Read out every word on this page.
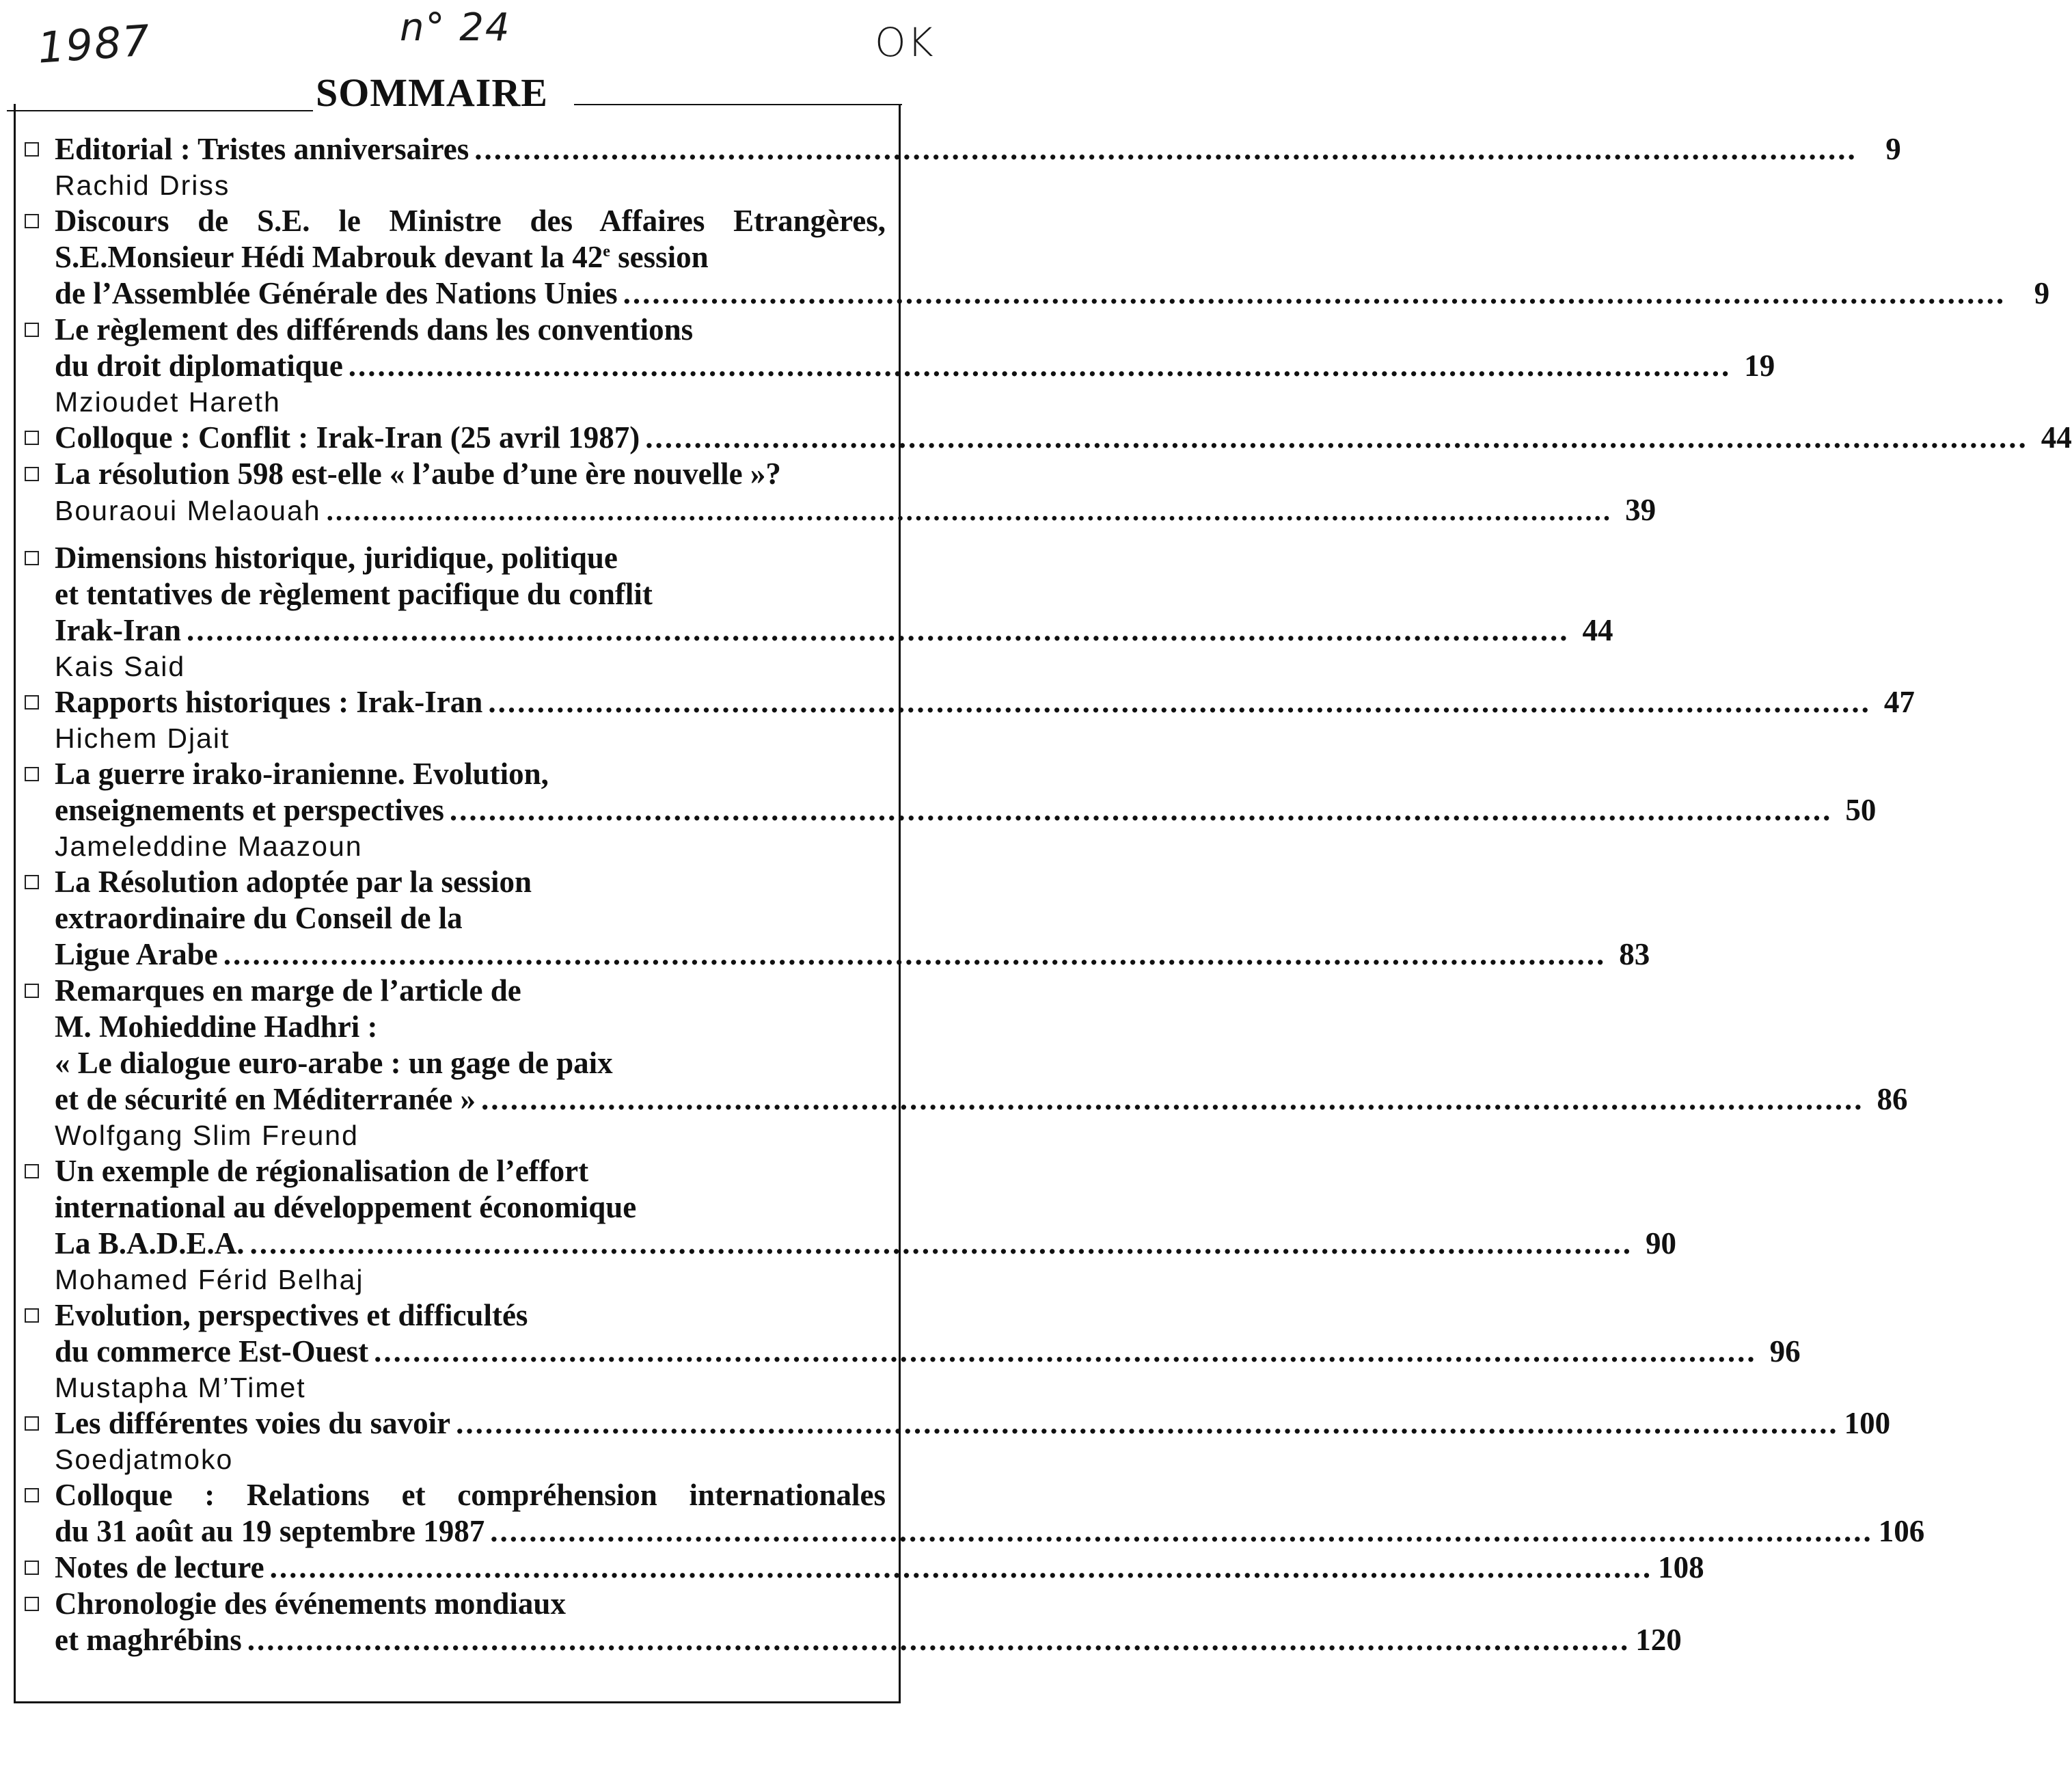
1987	n° 24	OK
SOMMAIRE
Editorial : Tristes anniversaires .............................................................................................................................................. 9
Rachid Driss
Discours de S.E. le Ministre des Affaires Etrangères,
S.E.Monsieur Hédi Mabrouk devant la 42e session
de l’Assemblée Générale des Nations Unies .............................................................................................................................................. 9
Le règlement des différends dans les conventions
du droit diplomatique .............................................................................................................................................. 19
Mzioudet Hareth
Colloque : Conflit : Irak-Iran (25 avril 1987) .............................................................................................................................................. 44
La résolution 598 est-elle « l’aube d’une ère nouvelle »?
Bouraoui Melaouah .............................................................................................................................................. 39
Dimensions historique, juridique, politique
et tentatives de règlement pacifique du conflit
Irak-Iran .............................................................................................................................................. 44
Kais Said
Rapports historiques : Irak-Iran .............................................................................................................................................. 47
Hichem Djait
La guerre irako-iranienne. Evolution,
enseignements et perspectives .............................................................................................................................................. 50
Jameleddine Maazoun
La Résolution adoptée par la session
extraordinaire du Conseil de la
Ligue Arabe .............................................................................................................................................. 83
Remarques en marge de l’article de
M. Mohieddine Hadhri :
« Le dialogue euro-arabe : un gage de paix
et de sécurité en Méditerranée » .............................................................................................................................................. 86
Wolfgang Slim Freund
Un exemple de régionalisation de l’effort
international au développement économique
La B.A.D.E.A. .............................................................................................................................................. 90
Mohamed Férid Belhaj
Evolution, perspectives et difficultés
du commerce Est-Ouest .............................................................................................................................................. 96
Mustapha M’Timet
Les différentes voies du savoir .............................................................................................................................................. 100
Soedjatmoko
Colloque : Relations et compréhension internationales
du 31 août au 19 septembre 1987 .............................................................................................................................................. 106
Notes de lecture .............................................................................................................................................. 108
Chronologie des événements mondiaux
et maghrébins .............................................................................................................................................. 120
